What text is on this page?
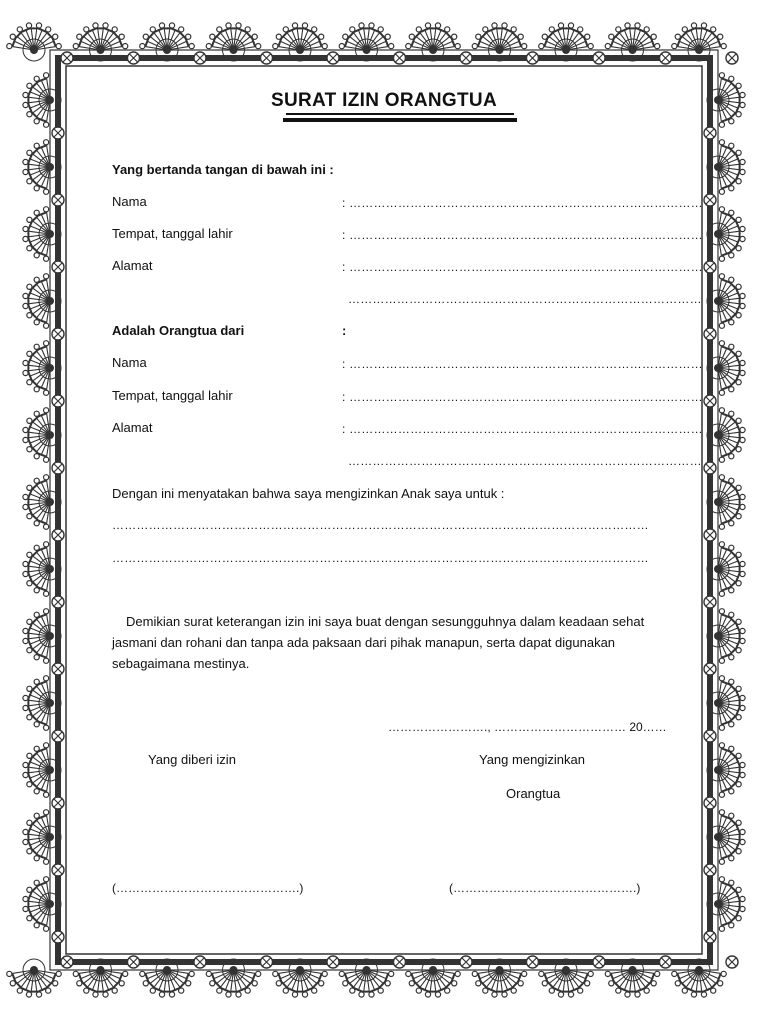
SURAT IZIN ORANGTUA
Yang bertanda tangan di bawah ini :
Nama	: ……………………………………………………………………………
Tempat, tanggal lahir	: ……………………………………………………………………………
Alamat	: ……………………………………………………………………………
……………………………………………………………………………
Adalah Orangtua dari	:
Nama	: ……………………………………………………………………………
Tempat, tanggal lahir	: ……………………………………………………………………………
Alamat	: ……………………………………………………………………………
……………………………………………………………………………
Dengan ini menyatakan bahwa saya mengizinkan Anak saya untuk :
……………………………………………………………………………………………………………………
……………………………………………………………………………………………………………………
Demikian surat keterangan izin ini saya buat dengan sesungguhnya dalam keadaan sehat jasmani dan rohani dan tanpa ada paksaan dari pihak manapun, serta dapat digunakan sebagaimana mestinya.
……………………., …………………………… 20……
Yang diberi izin	Yang mengizinkan
Orangtua
(……………………………………….)	(……………………………………….)
